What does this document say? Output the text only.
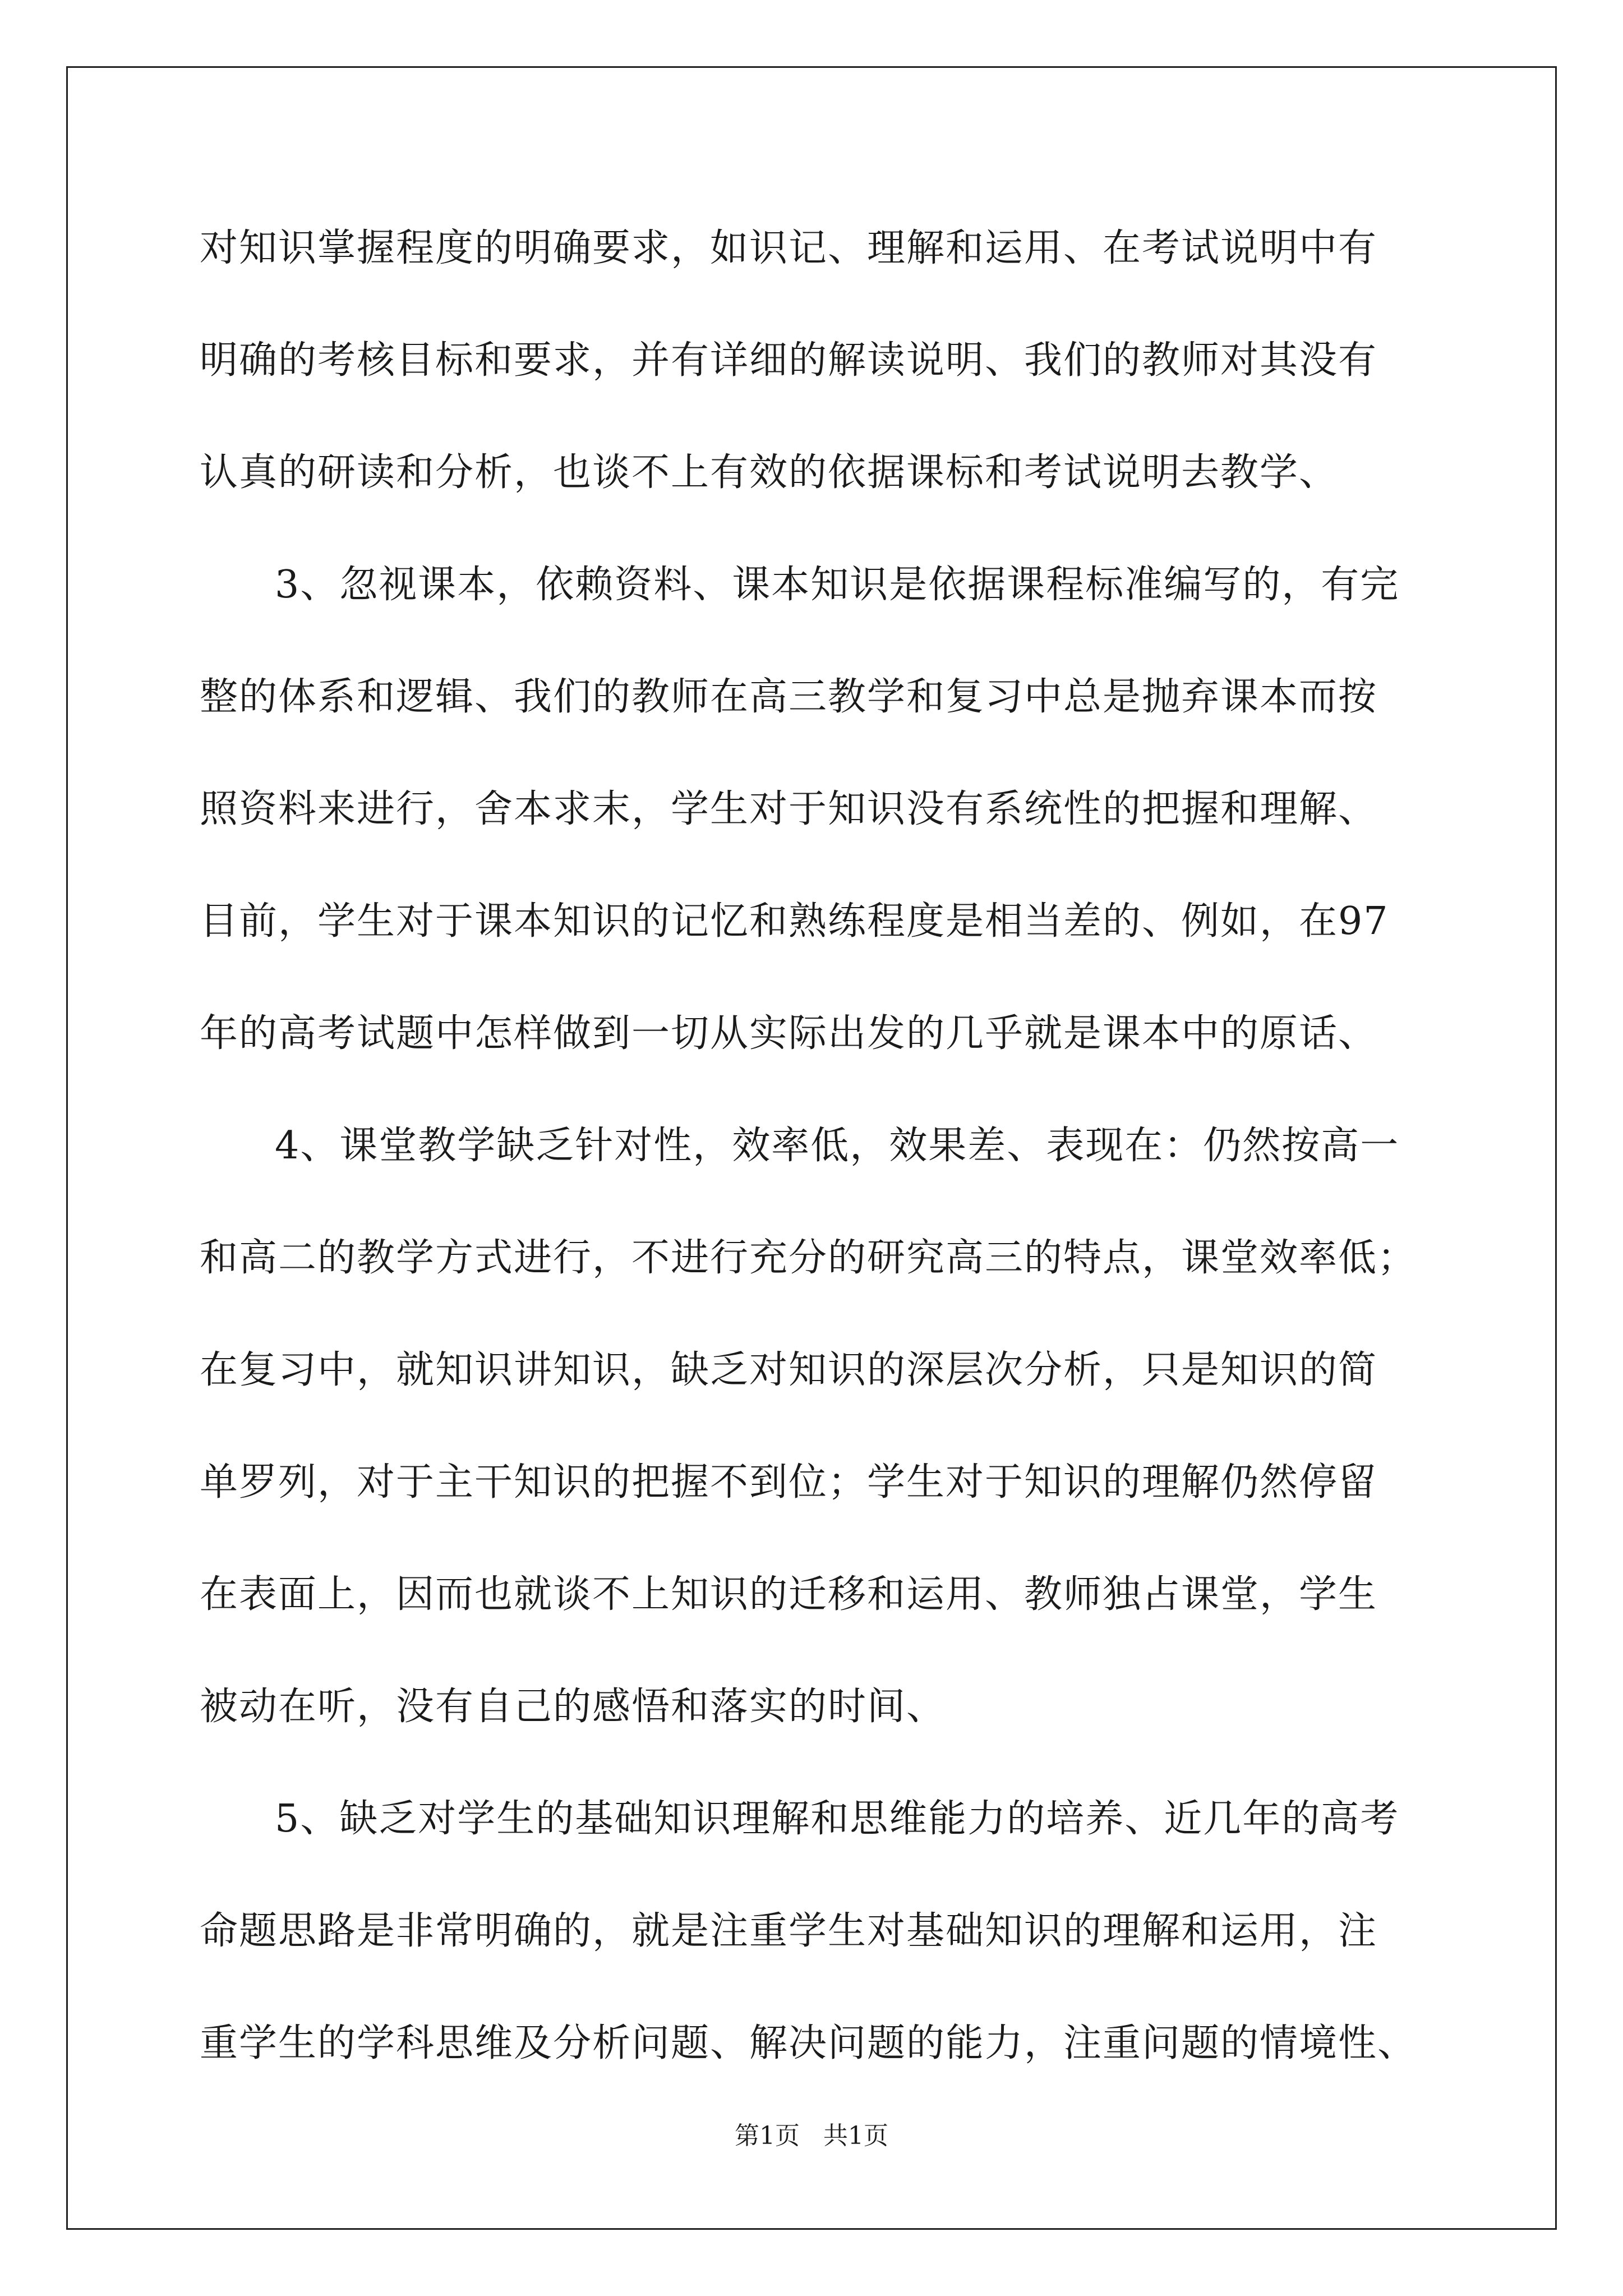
对知识掌握程度的明确要求，如识记、理解和运用、在考试说明中有
明确的考核目标和要求，并有详细的解读说明、我们的教师对其没有
认真的研读和分析，也谈不上有效的依据课标和考试说明去教学、
3、忽视课本，依赖资料、课本知识是依据课程标准编写的，有完
整的体系和逻辑、我们的教师在高三教学和复习中总是抛弃课本而按
照资料来进行，舍本求末，学生对于知识没有系统性的把握和理解、
目前，学生对于课本知识的记忆和熟练程度是相当差的、例如，在97
年的高考试题中怎样做到一切从实际出发的几乎就是课本中的原话、
4、课堂教学缺乏针对性，效率低，效果差、表现在：仍然按高一
和高二的教学方式进行，不进行充分的研究高三的特点，课堂效率低；
在复习中，就知识讲知识，缺乏对知识的深层次分析，只是知识的简
单罗列，对于主干知识的把握不到位；学生对于知识的理解仍然停留
在表面上，因而也就谈不上知识的迁移和运用、教师独占课堂，学生
被动在听，没有自己的感悟和落实的时间、
5、缺乏对学生的基础知识理解和思维能力的培养、近几年的高考
命题思路是非常明确的，就是注重学生对基础知识的理解和运用，注
重学生的学科思维及分析问题、解决问题的能力，注重问题的情境性、
第1页   共1页
